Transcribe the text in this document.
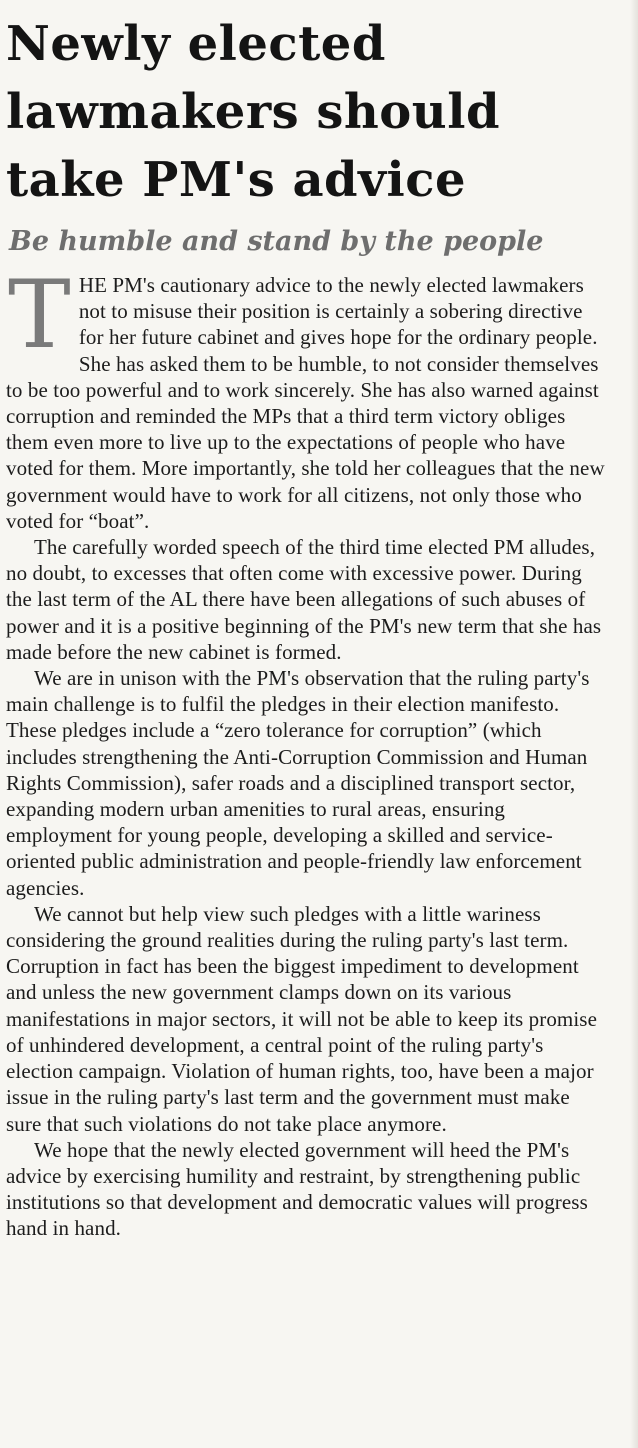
Newly elected lawmakers should take PM's advice
Be humble and stand by the people

THE PM's cautionary advice to the newly elected lawmakers not to misuse their position is certainly a sobering directive for her future cabinet and gives hope for the ordinary people. She has asked them to be humble, to not consider themselves to be too powerful and to work sincerely. She has also warned against corruption and reminded the MPs that a third term victory obliges them even more to live up to the expectations of people who have voted for them. More importantly, she told her colleagues that the new government would have to work for all citizens, not only those who voted for “boat”.

The carefully worded speech of the third time elected PM alludes, no doubt, to excesses that often come with excessive power. During the last term of the AL there have been allegations of such abuses of power and it is a positive beginning of the PM's new term that she has made before the new cabinet is formed.

We are in unison with the PM's observation that the ruling party's main challenge is to fulfil the pledges in their election manifesto. These pledges include a “zero tolerance for corruption” (which includes strengthening the Anti-Corruption Commission and Human Rights Commission), safer roads and a disciplined transport sector, expanding modern urban amenities to rural areas, ensuring employment for young people, developing a skilled and service-oriented public administration and people-friendly law enforcement agencies.

We cannot but help view such pledges with a little wariness considering the ground realities during the ruling party's last term. Corruption in fact has been the biggest impediment to development and unless the new government clamps down on its various manifestations in major sectors, it will not be able to keep its promise of unhindered development, a central point of the ruling party's election campaign. Violation of human rights, too, have been a major issue in the ruling party's last term and the government must make sure that such violations do not take place anymore.

We hope that the newly elected government will heed the PM's advice by exercising humility and restraint, by strengthening public institutions so that development and democratic values will progress hand in hand.
